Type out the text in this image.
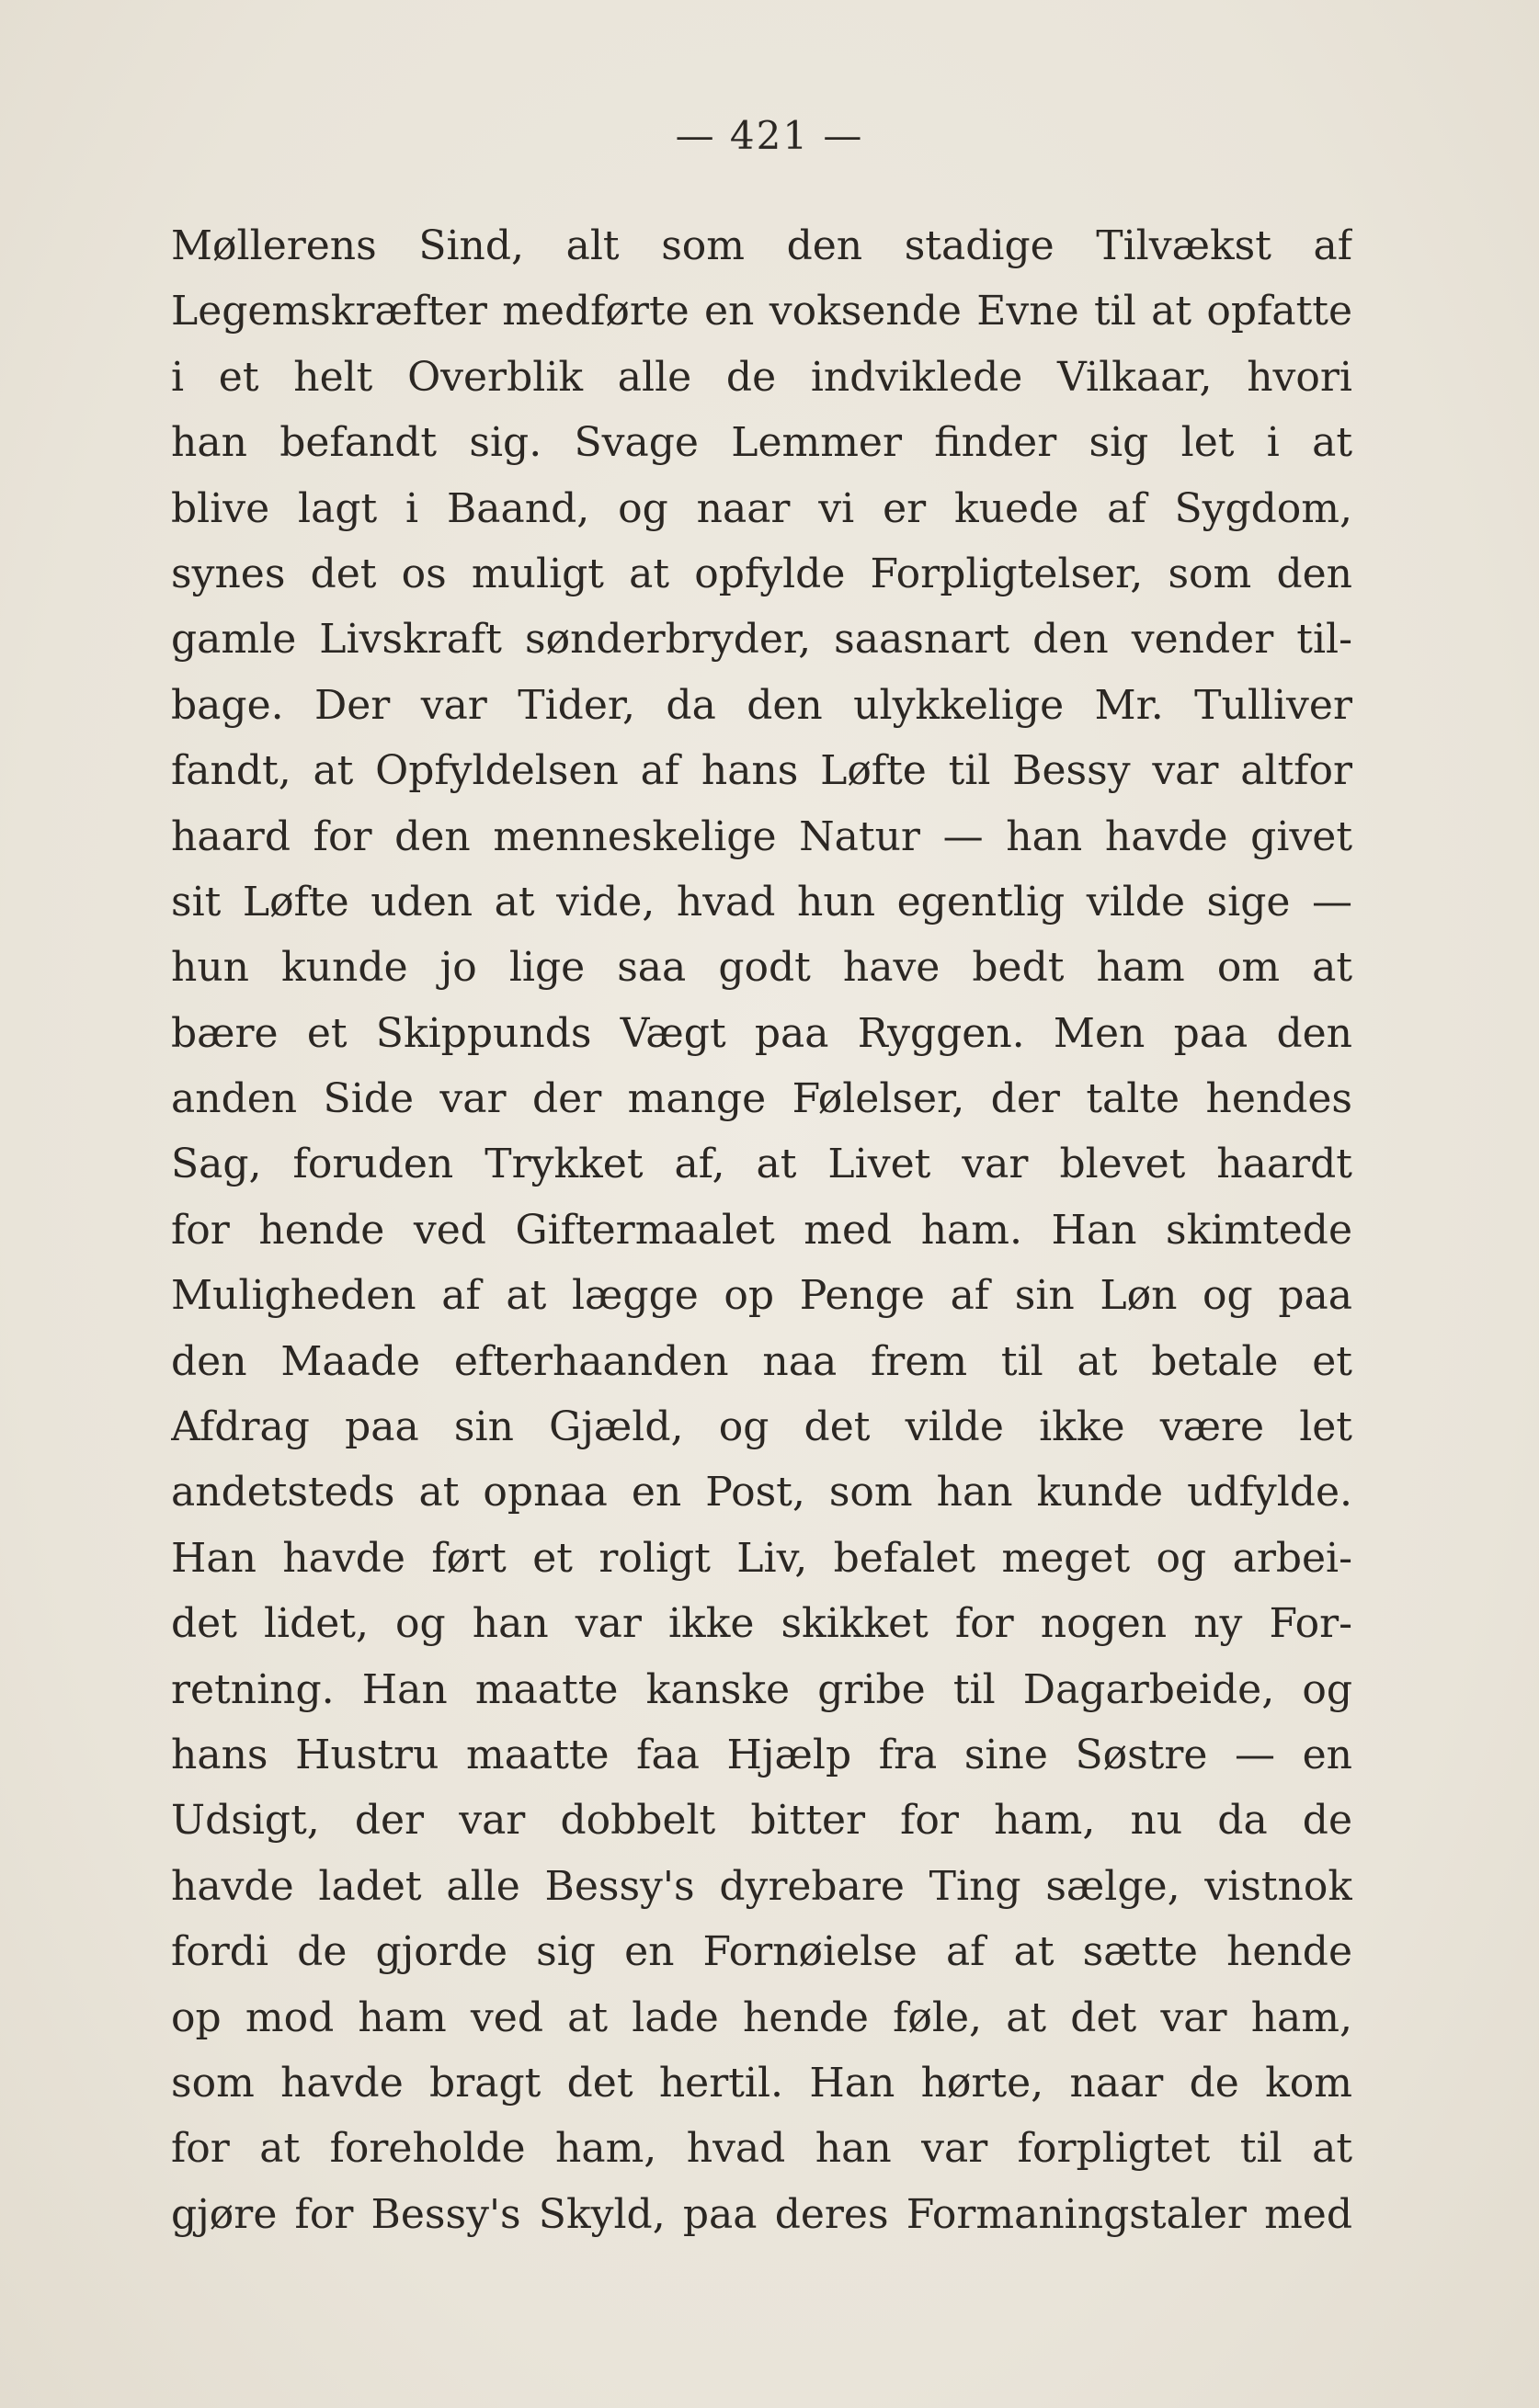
— 421 —
Møllerens Sind, alt som den stadige Tilvækst af
Legemskræfter medførte en voksende Evne til at opfatte
i et helt Overblik alle de indviklede Vilkaar, hvori
han befandt sig. Svage Lemmer finder sig let i at
blive lagt i Baand, og naar vi er kuede af Sygdom,
synes det os muligt at opfylde Forpligtelser, som den
gamle Livskraft sønderbryder, saasnart den vender til-
bage. Der var Tider, da den ulykkelige Mr. Tulliver
fandt, at Opfyldelsen af hans Løfte til Bessy var altfor
haard for den menneskelige Natur — han havde givet
sit Løfte uden at vide, hvad hun egentlig vilde sige —
hun kunde jo lige saa godt have bedt ham om at
bære et Skippunds Vægt paa Ryggen. Men paa den
anden Side var der mange Følelser, der talte hendes
Sag, foruden Trykket af, at Livet var blevet haardt
for hende ved Giftermaalet med ham. Han skimtede
Muligheden af at lægge op Penge af sin Løn og paa
den Maade efterhaanden naa frem til at betale et
Afdrag paa sin Gjæld, og det vilde ikke være let
andetsteds at opnaa en Post, som han kunde udfylde.
Han havde ført et roligt Liv, befalet meget og arbei-
det lidet, og han var ikke skikket for nogen ny For-
retning. Han maatte kanske gribe til Dagarbeide, og
hans Hustru maatte faa Hjælp fra sine Søstre — en
Udsigt, der var dobbelt bitter for ham, nu da de
havde ladet alle Bessy's dyrebare Ting sælge, vistnok
fordi de gjorde sig en Fornøielse af at sætte hende
op mod ham ved at lade hende føle, at det var ham,
som havde bragt det hertil. Han hørte, naar de kom
for at foreholde ham, hvad han var forpligtet til at
gjøre for Bessy's Skyld, paa deres Formaningstaler med
